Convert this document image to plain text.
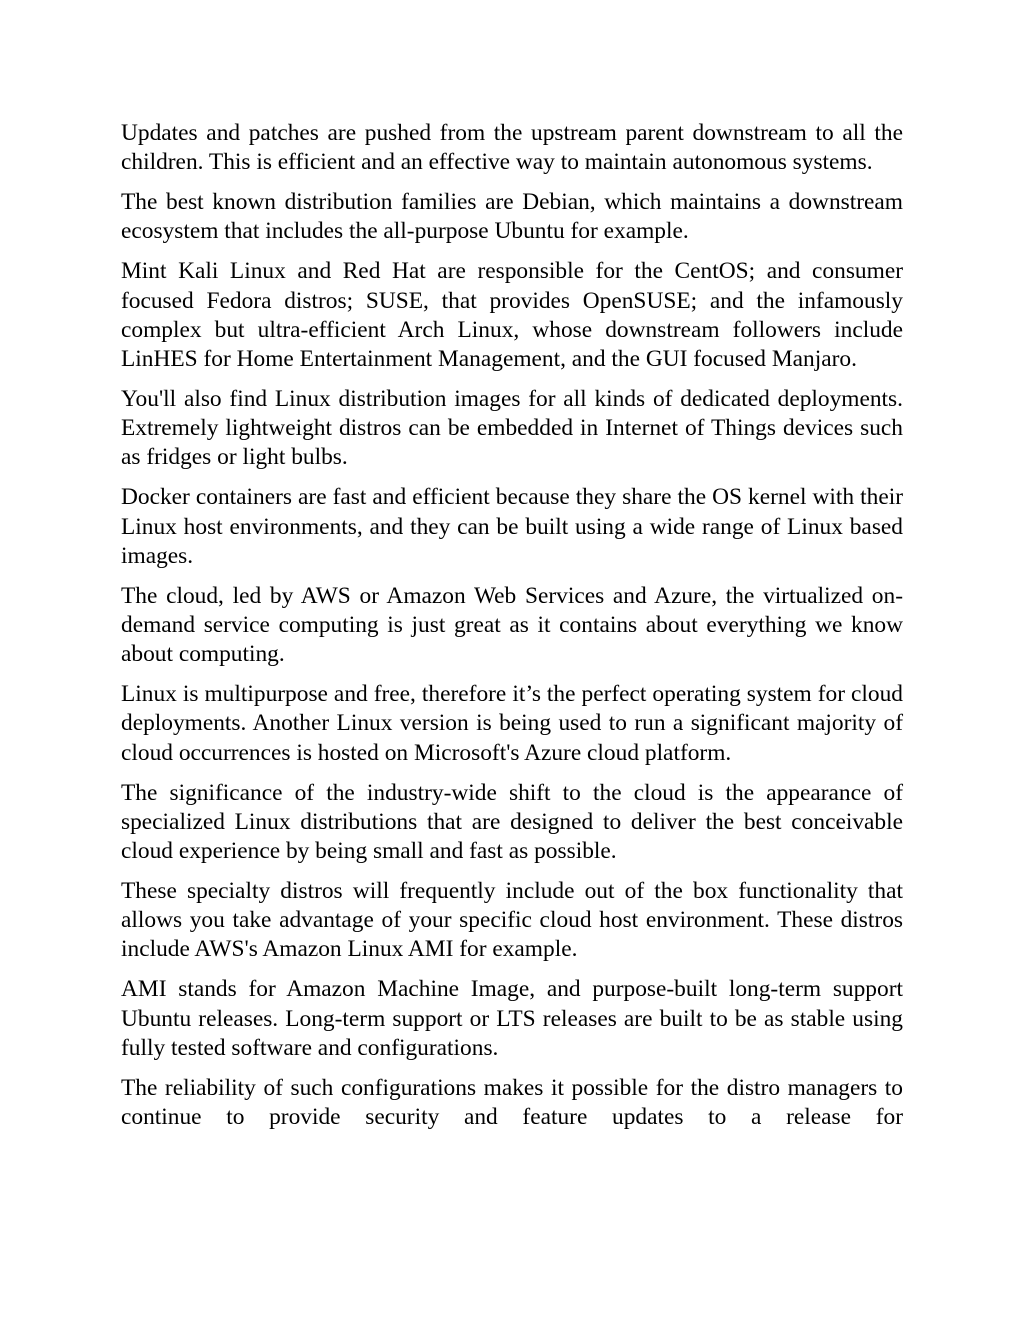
Updates and patches are pushed from the upstream parent downstream to all the children. This is efficient and an effective way to maintain autonomous systems.

The best known distribution families are Debian, which maintains a downstream ecosystem that includes the all-purpose Ubuntu for example.

Mint Kali Linux and Red Hat are responsible for the CentOS; and consumer focused Fedora distros; SUSE, that provides OpenSUSE; and the infamously complex but ultra-efficient Arch Linux, whose downstream followers include LinHES for Home Entertainment Management, and the GUI focused Manjaro.

You'll also find Linux distribution images for all kinds of dedicated deployments. Extremely lightweight distros can be embedded in Internet of Things devices such as fridges or light bulbs.

Docker containers are fast and efficient because they share the OS kernel with their Linux host environments, and they can be built using a wide range of Linux based images.

The cloud, led by AWS or Amazon Web Services and Azure, the virtualized on-demand service computing is just great as it contains about everything we know about computing.

Linux is multipurpose and free, therefore it’s the perfect operating system for cloud deployments. Another Linux version is being used to run a significant majority of cloud occurrences is hosted on Microsoft's Azure cloud platform.

The significance of the industry-wide shift to the cloud is the appearance of specialized Linux distributions that are designed to deliver the best conceivable cloud experience by being small and fast as possible.

These specialty distros will frequently include out of the box functionality that allows you take advantage of your specific cloud host environment. These distros include AWS's Amazon Linux AMI for example.

AMI stands for Amazon Machine Image, and purpose-built long-term support Ubuntu releases. Long-term support or LTS releases are built to be as stable using fully tested software and configurations.

The reliability of such configurations makes it possible for the distro managers to continue to provide security and feature updates to a release for
